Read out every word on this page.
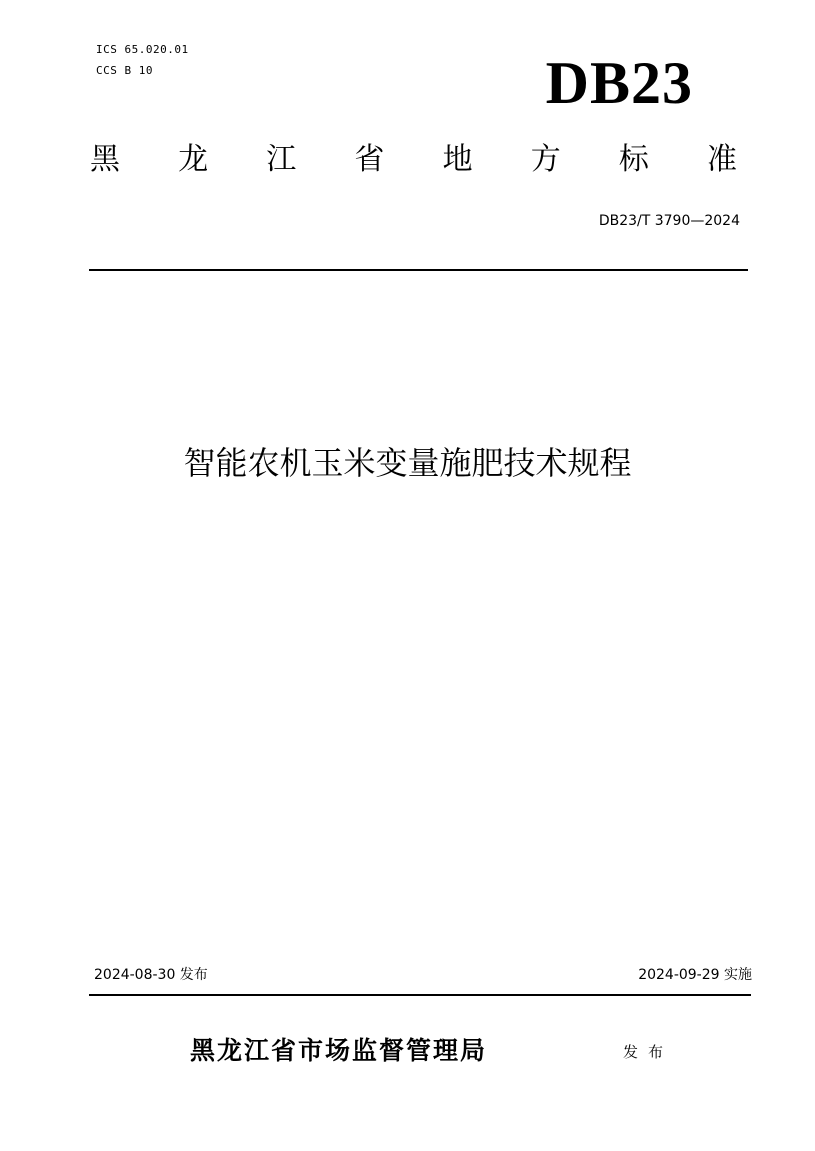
ICS 65.020.01
CCS B 10	DB23
黑 龙 江 省 地 方 标 准
DB23/T 3790—2024
智能农机玉米变量施肥技术规程
2024-08-30 发布	2024-09-29 实施
黑龙江省市场监督管理局	发布
